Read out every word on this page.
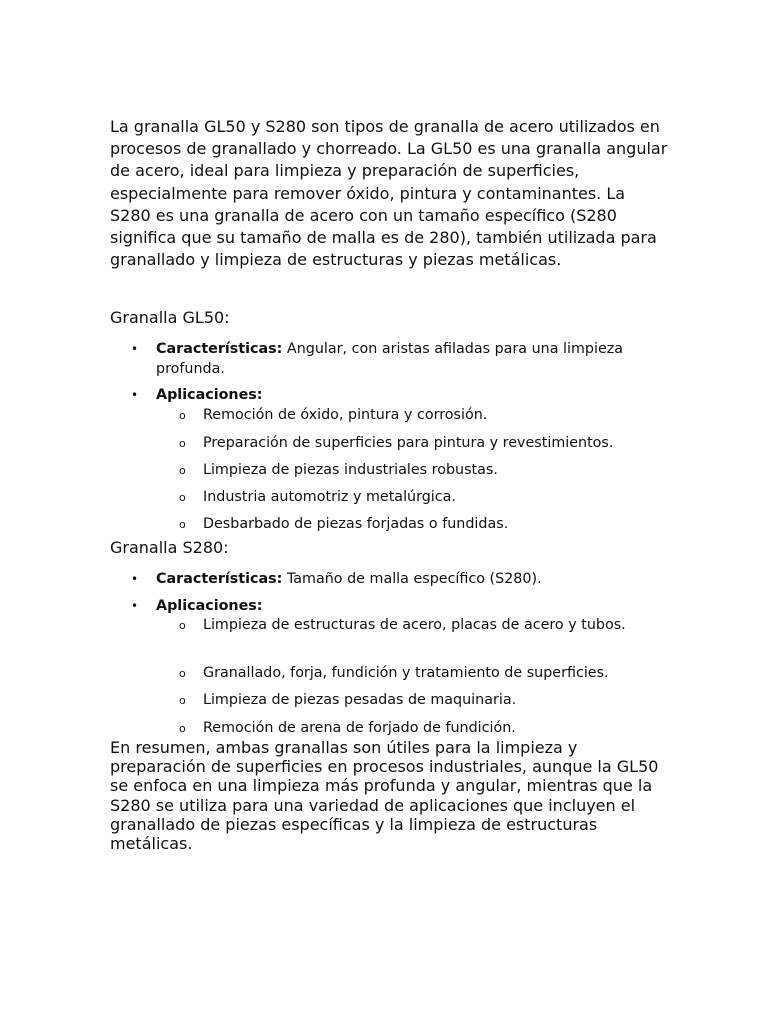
La granalla GL50 y S280 son tipos de granalla de acero utilizados en procesos de granallado y chorreado. La GL50 es una granalla angular de acero, ideal para limpieza y preparación de superficies, especialmente para remover óxido, pintura y contaminantes. La S280 es una granalla de acero con un tamaño específico (S280 significa que su tamaño de malla es de 280), también utilizada para granallado y limpieza de estructuras y piezas metálicas.

Granalla GL50:

• Características: Angular, con aristas afiladas para una limpieza profunda.
• Aplicaciones:
o Remoción de óxido, pintura y corrosión.
o Preparación de superficies para pintura y revestimientos.
o Limpieza de piezas industriales robustas.
o Industria automotriz y metalúrgica.
o Desbarbado de piezas forjadas o fundidas.

Granalla S280:

• Características: Tamaño de malla específico (S280).
• Aplicaciones:
o Limpieza de estructuras de acero, placas de acero y tubos.
o Granallado, forja, fundición y tratamiento de superficies.
o Limpieza de piezas pesadas de maquinaria.
o Remoción de arena de forjado de fundición.

En resumen, ambas granallas son útiles para la limpieza y preparación de superficies en procesos industriales, aunque la GL50 se enfoca en una limpieza más profunda y angular, mientras que la S280 se utiliza para una variedad de aplicaciones que incluyen el granallado de piezas específicas y la limpieza de estructuras metálicas.
